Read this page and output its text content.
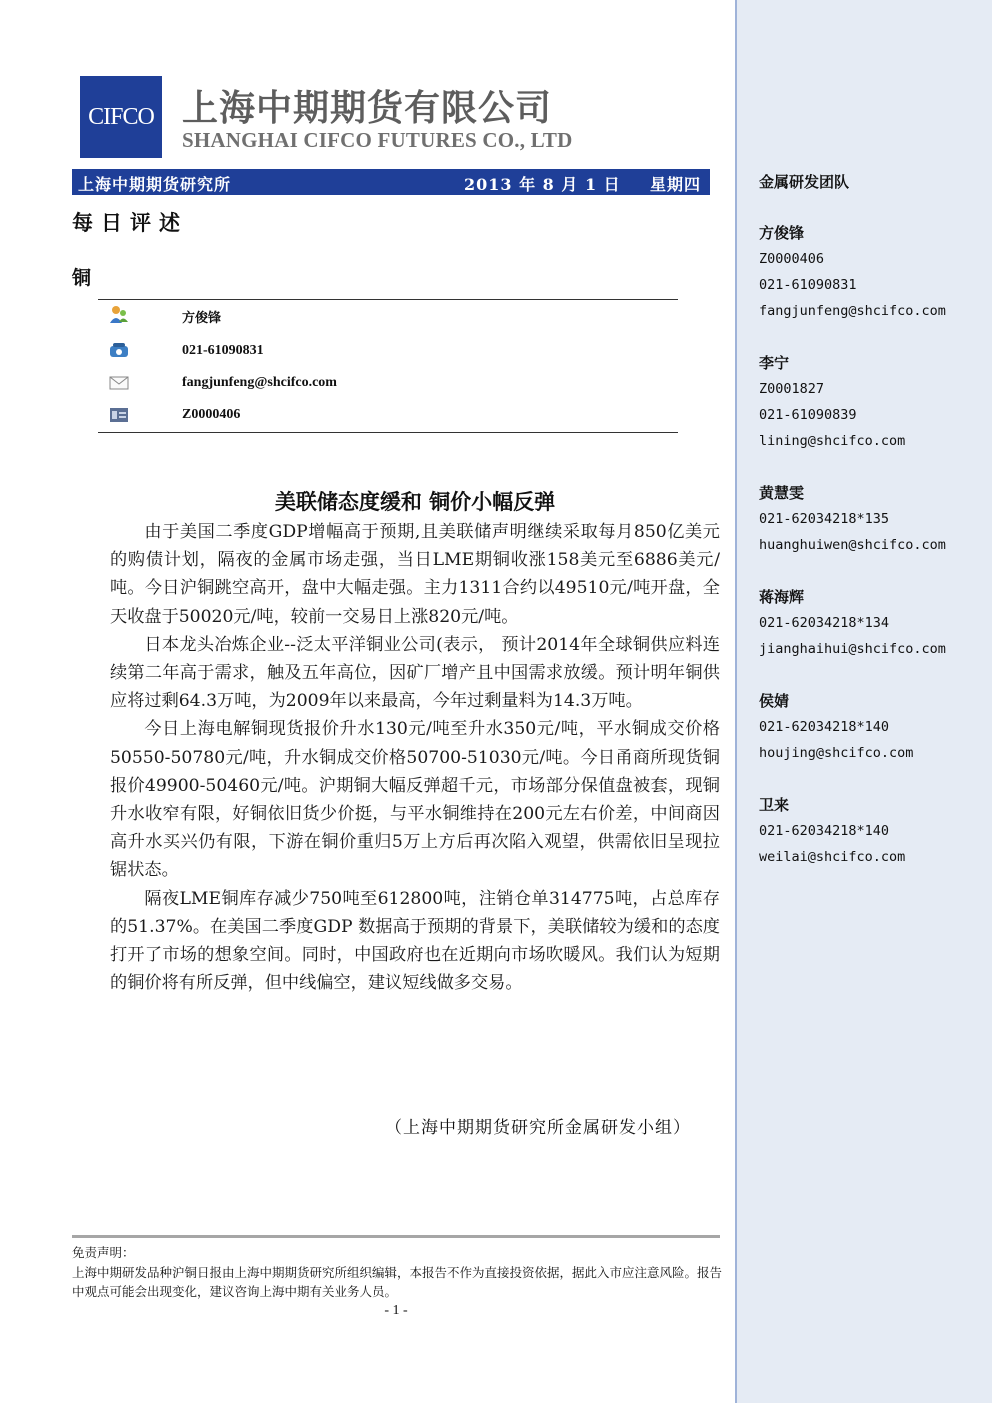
CIFCO 上海中期期货有限公司
SHANGHAI CIFCO FUTURES CO., LTD
上海中期期货研究所	2013 年 8 月 1 日 星期四
每日评述
铜
方俊锋
021-61090831
fangjunfeng@shcifco.com
Z0000406
美联储态度缓和 铜价小幅反弹

由于美国二季度GDP增幅高于预期,且美联储声明继续采取每月850亿美元的购债计划，隔夜的金属市场走强，当日LME期铜收涨158美元至6886美元/吨。今日沪铜跳空高开，盘中大幅走强。主力1311合约以49510元/吨开盘，全天收盘于50020元/吨，较前一交易日上涨820元/吨。

日本龙头冶炼企业--泛太平洋铜业公司(表示， 预计2014年全球铜供应料连续第二年高于需求，触及五年高位，因矿厂增产且中国需求放缓。预计明年铜供应将过剩64.3万吨，为2009年以来最高，今年过剩量料为14.3万吨。

今日上海电解铜现货报价升水130元/吨至升水350元/吨，平水铜成交价格50550-50780元/吨，升水铜成交价格50700-51030元/吨。今日甬商所现货铜报价49900-50460元/吨。沪期铜大幅反弹超千元，市场部分保值盘被套，现铜升水收窄有限，好铜依旧货少价挺，与平水铜维持在200元左右价差，中间商因高升水买兴仍有限，下游在铜价重归5万上方后再次陷入观望，供需依旧呈现拉锯状态。

隔夜LME铜库存减少750吨至612800吨，注销仓单314775吨，占总库存的51.37%。在美国二季度GDP 数据高于预期的背景下，美联储较为缓和的态度打开了市场的想象空间。同时，中国政府也在近期向市场吹暖风。我们认为短期的铜价将有所反弹，但中线偏空，建议短线做多交易。

（上海中期期货研究所金属研发小组）
免责声明：
上海中期研发品种沪铜日报由上海中期期货研究所组织编辑，本报告不作为直接投资依据，据此入市应注意风险。报告中观点可能会出现变化，建议咨询上海中期有关业务人员。
- 1 -
金属研发团队
方俊锋
Z0000406
021-61090831
fangjunfeng@shcifco.com
李宁
Z0001827
021-61090839
lining@shcifco.com
黄慧雯
021-62034218*135
huanghuiwen@shcifco.com
蒋海辉
021-62034218*134
jianghaihui@shcifco.com
侯婧
021-62034218*140
houjing@shcifco.com
卫来
021-62034218*140
weilai@shcifco.com
